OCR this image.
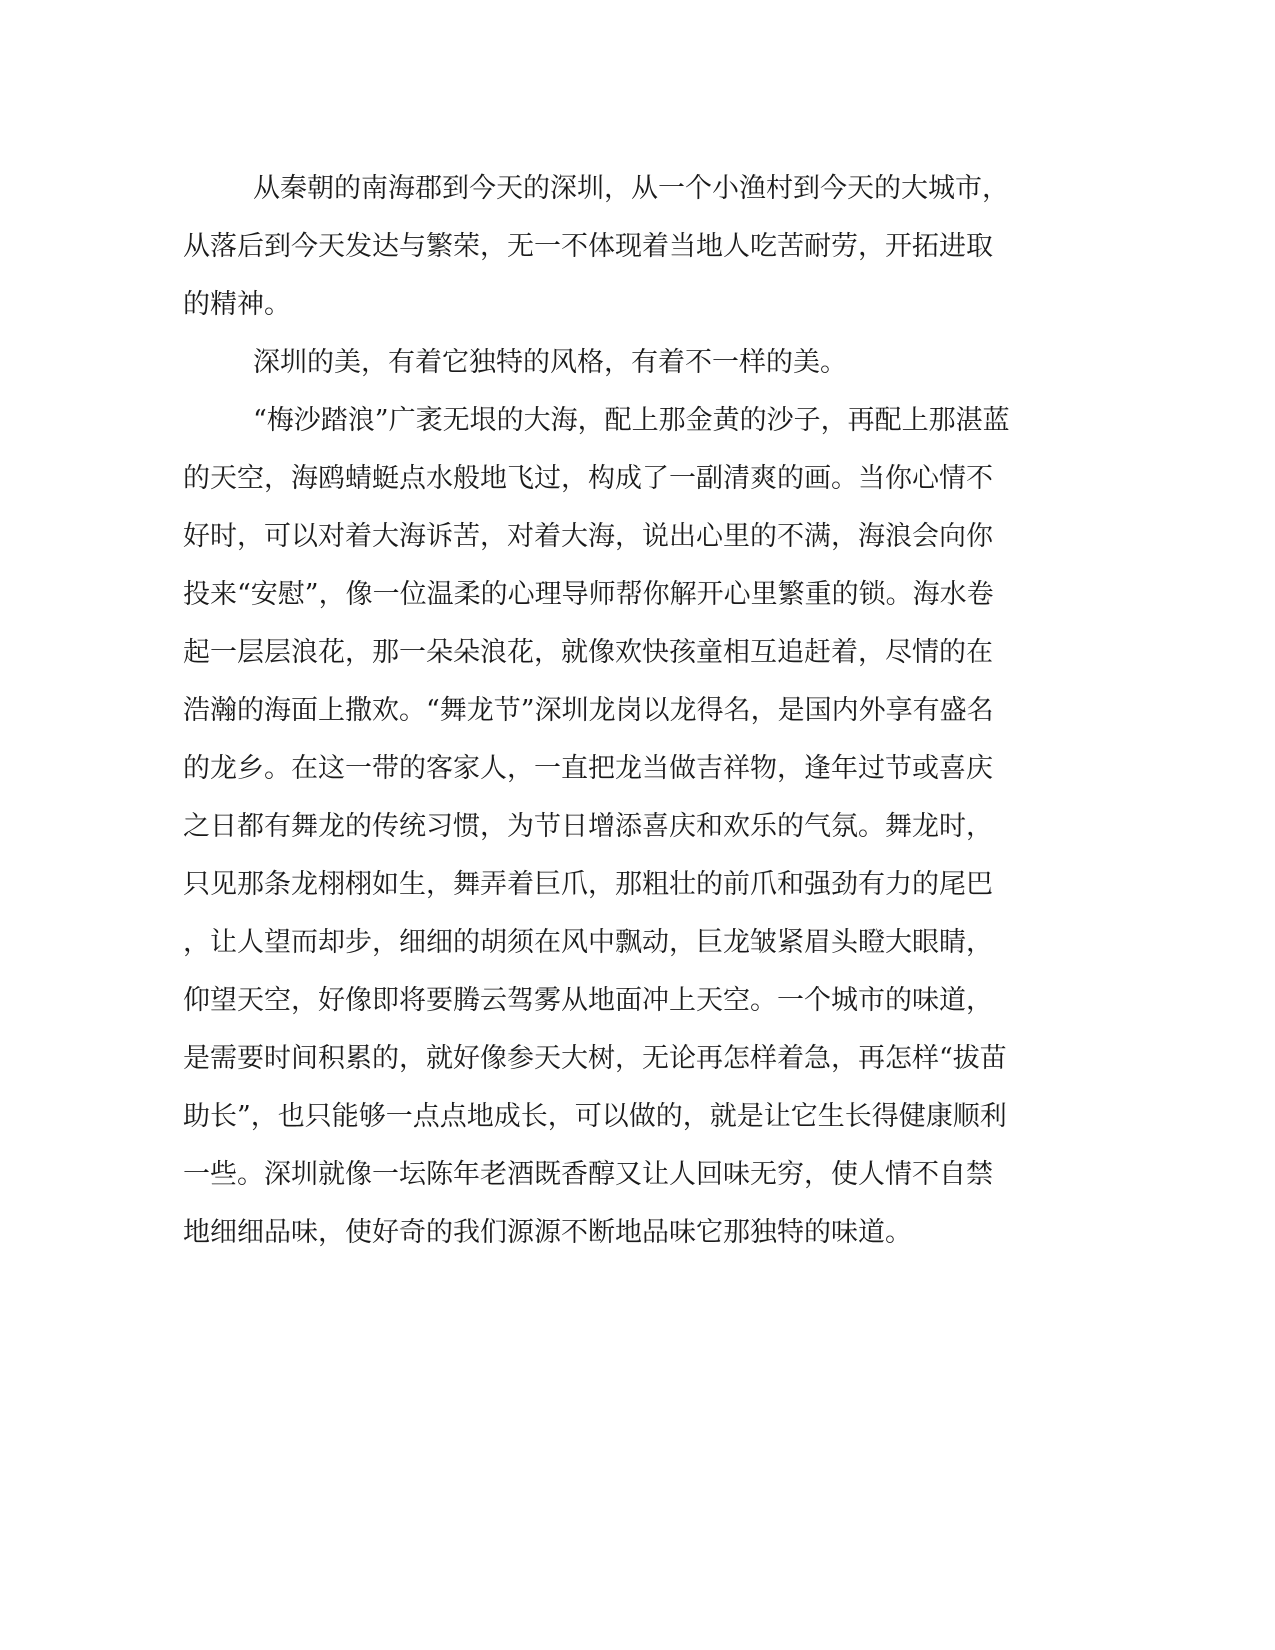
从秦朝的南海郡到今天的深圳，从一个小渔村到今天的大城市，
从落后到今天发达与繁荣，无一不体现着当地人吃苦耐劳，开拓进取
的精神。
深圳的美，有着它独特的风格，有着不一样的美。
“梅沙踏浪”广袤无垠的大海，配上那金黄的沙子，再配上那湛蓝
的天空，海鸥蜻蜓点水般地飞过，构成了一副清爽的画。当你心情不
好时，可以对着大海诉苦，对着大海，说出心里的不满，海浪会向你
投来“安慰”，像一位温柔的心理导师帮你解开心里繁重的锁。海水卷
起一层层浪花，那一朵朵浪花，就像欢快孩童相互追赶着，尽情的在
浩瀚的海面上撒欢。“舞龙节”深圳龙岗以龙得名，是国内外享有盛名
的龙乡。在这一带的客家人，一直把龙当做吉祥物，逢年过节或喜庆
之日都有舞龙的传统习惯，为节日增添喜庆和欢乐的气氛。舞龙时，
只见那条龙栩栩如生，舞弄着巨爪，那粗壮的前爪和强劲有力的尾巴
，让人望而却步，细细的胡须在风中飘动，巨龙皱紧眉头瞪大眼睛，
仰望天空，好像即将要腾云驾雾从地面冲上天空。一个城市的味道，
是需要时间积累的，就好像参天大树，无论再怎样着急，再怎样“拔苗
助长”，也只能够一点点地成长，可以做的，就是让它生长得健康顺利
一些。深圳就像一坛陈年老酒既香醇又让人回味无穷，使人情不自禁
地细细品味，使好奇的我们源源不断地品味它那独特的味道。
